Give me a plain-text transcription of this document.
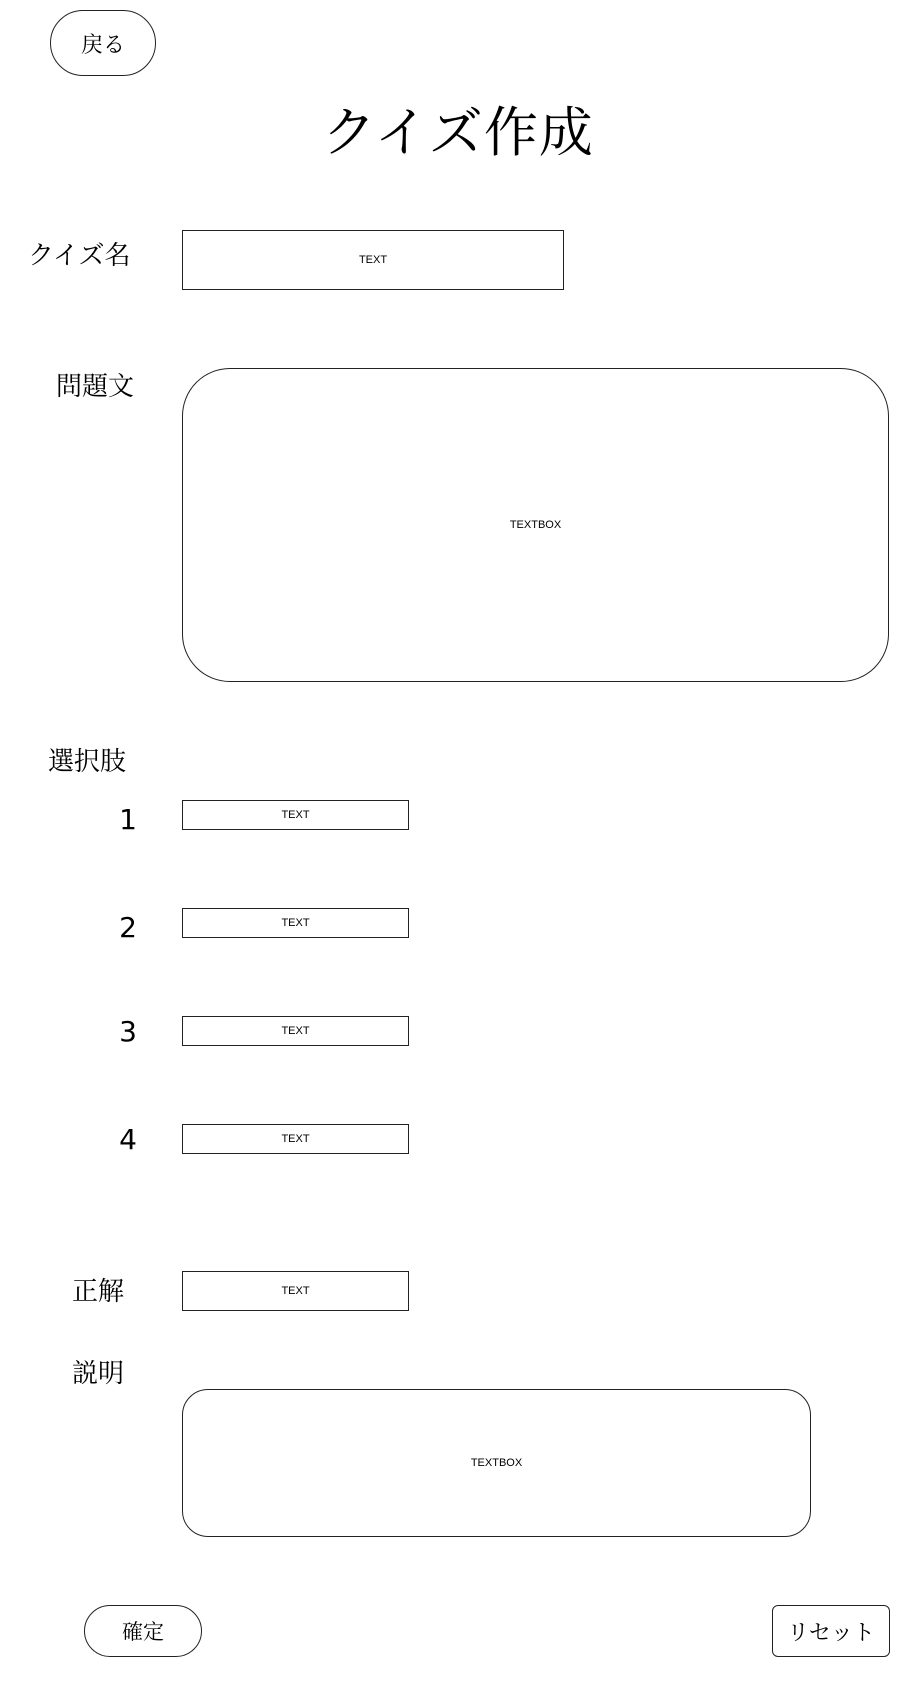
戻る
クイズ作成
クイズ名	TEXT
問題文
TEXTBOX
選択肢
1	TEXT
2	TEXT
3	TEXT
4	TEXT
正解	TEXT
説明
TEXTBOX
確定	リセット
